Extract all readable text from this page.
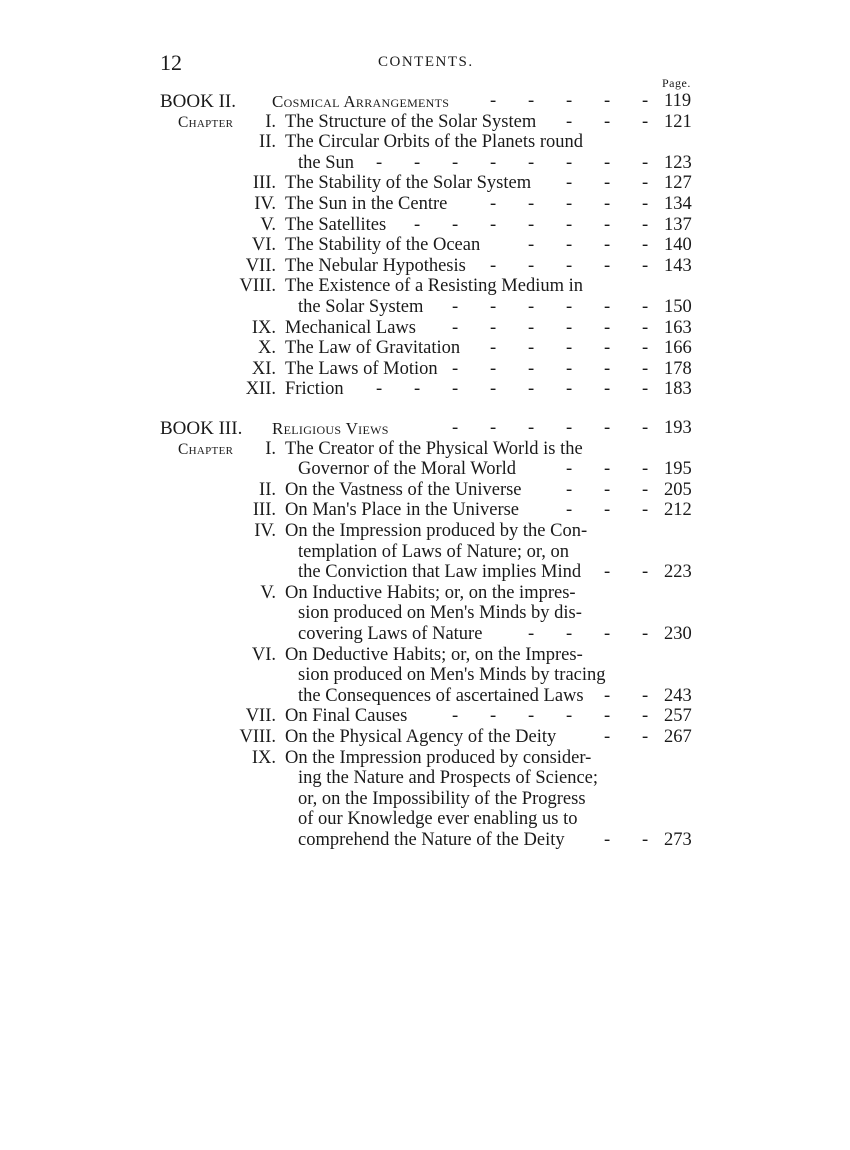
12	CONTENTS.
Page.
BOOK II. Cosmical Arrangements - - - - - 119
Chapter	I. The Structure of the Solar System - - - 121
II. The Circular Orbits of the Planets round
the Sun - - - - - - - - 123
III. The Stability of the Solar System - - - 127
IV. The Sun in the Centre - - - - - 134
V. The Satellites - - - - - - - 137
VI. The Stability of the Ocean	- - - - 140
VII. The Nebular Hypothesis - - - - - 143
VIII. The Existence of a Resisting Medium in
the Solar System - - - - - - 150
IX. Mechanical Laws - - - - - - 163
X. The Law of Gravitation - - - - - 166
XI. The Laws of Motion - - - - - - 178
XII. Friction - - - - - - - - 183
BOOK III. Religious Views	- - - - - - 193
Chapter	I. The Creator of the Physical World is the
Governor of the Moral World	- - - 195
II. On the Vastness of the Universe - - - 205
III. On Man's Place in the Universe	- - - 212
IV. On the Impression produced by the Con-
templation of Laws of Nature; or, on
the Conviction that Law implies Mind - - 223
V. On Inductive Habits; or, on the impres-
sion produced on Men's Minds by dis-
covering Laws of Nature - - - - 230
VI. On Deductive Habits; or, on the Impres-
sion produced on Men's Minds by tracing
the Consequences of ascertained Laws - - 243
VII. On Final Causes - - - - - - 257
VIII. On the Physical Agency of the Deity	- - 267
IX. On the Impression produced by consider-
ing the Nature and Prospects of Science;
or, on the Impossibility of the Progress
of our Knowledge ever enabling us to
comprehend the Nature of the Deity - - 273
